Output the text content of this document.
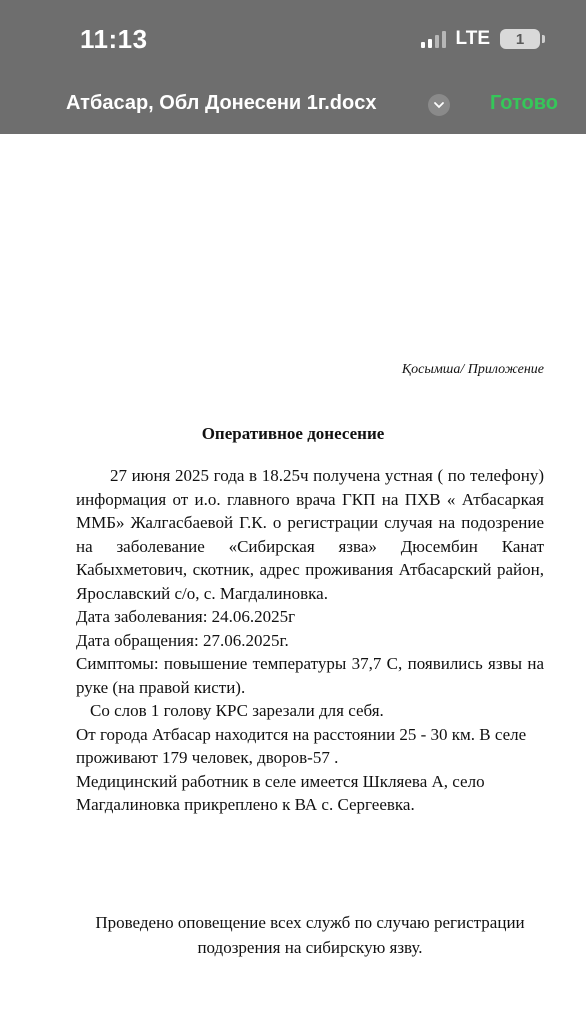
11:13	LTE 1
Атбасар, Обл Донесени 1г.docx	Готово
Қосымша/ Приложение
Оперативное донесение

27 июня 2025 года в 18.25ч получена устная ( по телефону) информация от и.о. главного врача ГКП на ПХВ « Атбасаркая ММБ» Жалгасбаевой Г.К. о регистрации случая на подозрение на заболевание «Сибирская язва» Дюсембин Канат Кабыхметович, скотник, адрес проживания Атбасарский район, Ярославский с/о, с. Магдалиновка.

Дата заболевания: 24.06.2025г

Дата обращения: 27.06.2025г.

Симптомы: повышение температуры 37,7 С, появились язвы на руке (на правой кисти).

Со слов 1 голову КРС зарезали для себя.

От города Атбасар находится на расстоянии 25 - 30 км. В селе проживают 179 человек, дворов-57 .

Медицинский работник в селе имеется Шкляева А, село Магдалиновка прикреплено к ВА с. Сергеевка.

Проведено оповещение всех служб по случаю регистрации подозрения на сибирскую язву.
